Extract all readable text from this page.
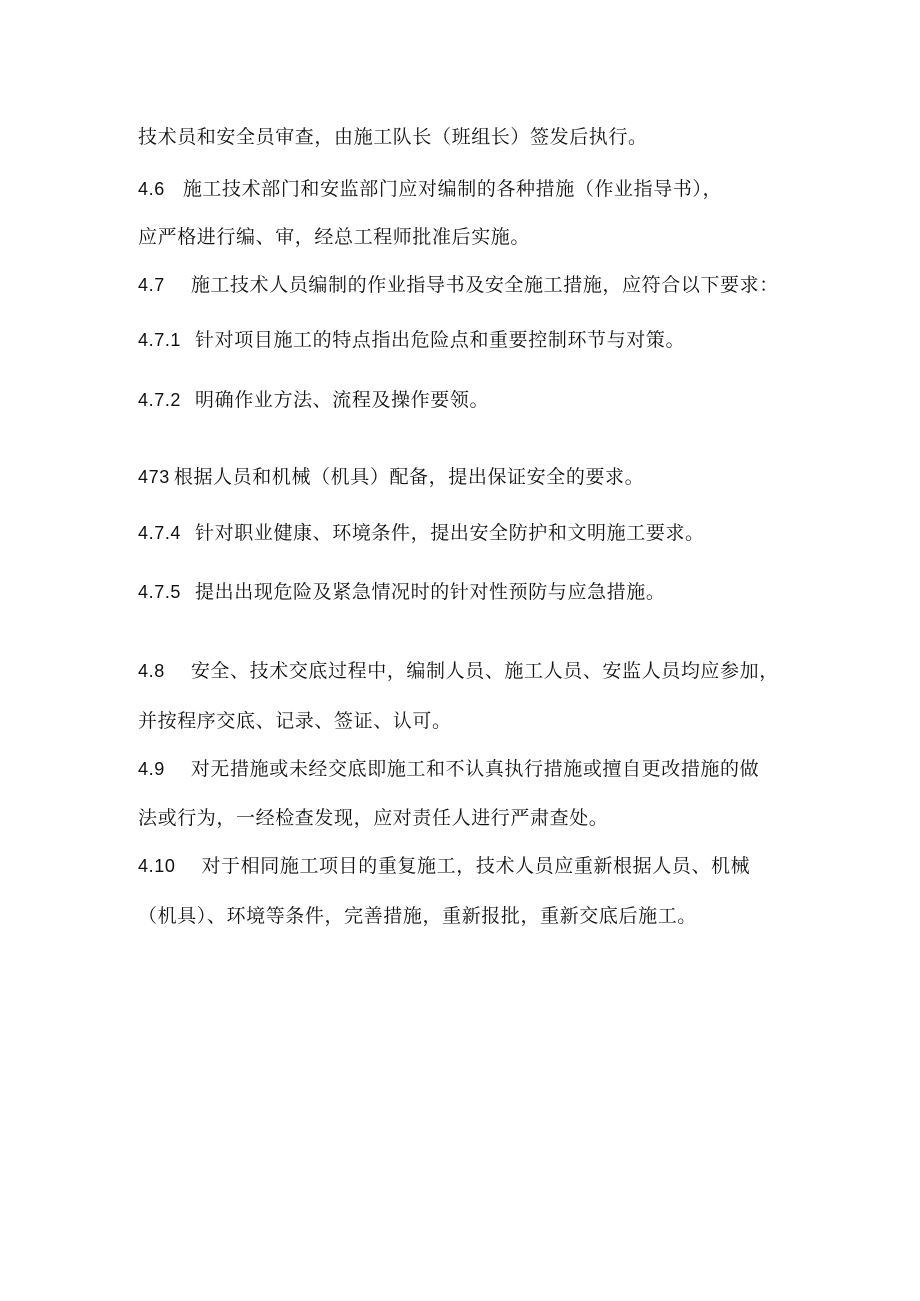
技术员和安全员审查，由施工队长（班组长）签发后执行。
4.6 施工技术部门和安监部门应对编制的各种措施（作业指导书），
应严格进行编、审，经总工程师批准后实施。
4.7 施工技术人员编制的作业指导书及安全施工措施，应符合以下要求：
4.7.1 针对项目施工的特点指出危险点和重要控制环节与对策。
4.7.2 明确作业方法、流程及操作要领。
473 根据人员和机械（机具）配备，提出保证安全的要求。
4.7.4 针对职业健康、环境条件，提出安全防护和文明施工要求。
4.7.5 提出出现危险及紧急情况时的针对性预防与应急措施。
4.8 安全、技术交底过程中，编制人员、施工人员、安监人员均应参加，
并按程序交底、记录、签证、认可。
4.9 对无措施或未经交底即施工和不认真执行措施或擅自更改措施的做
法或行为，一经检查发现，应对责任人进行严肃查处。
4.10 对于相同施工项目的重复施工，技术人员应重新根据人员、机械
（机具）、环境等条件，完善措施，重新报批，重新交底后施工。
